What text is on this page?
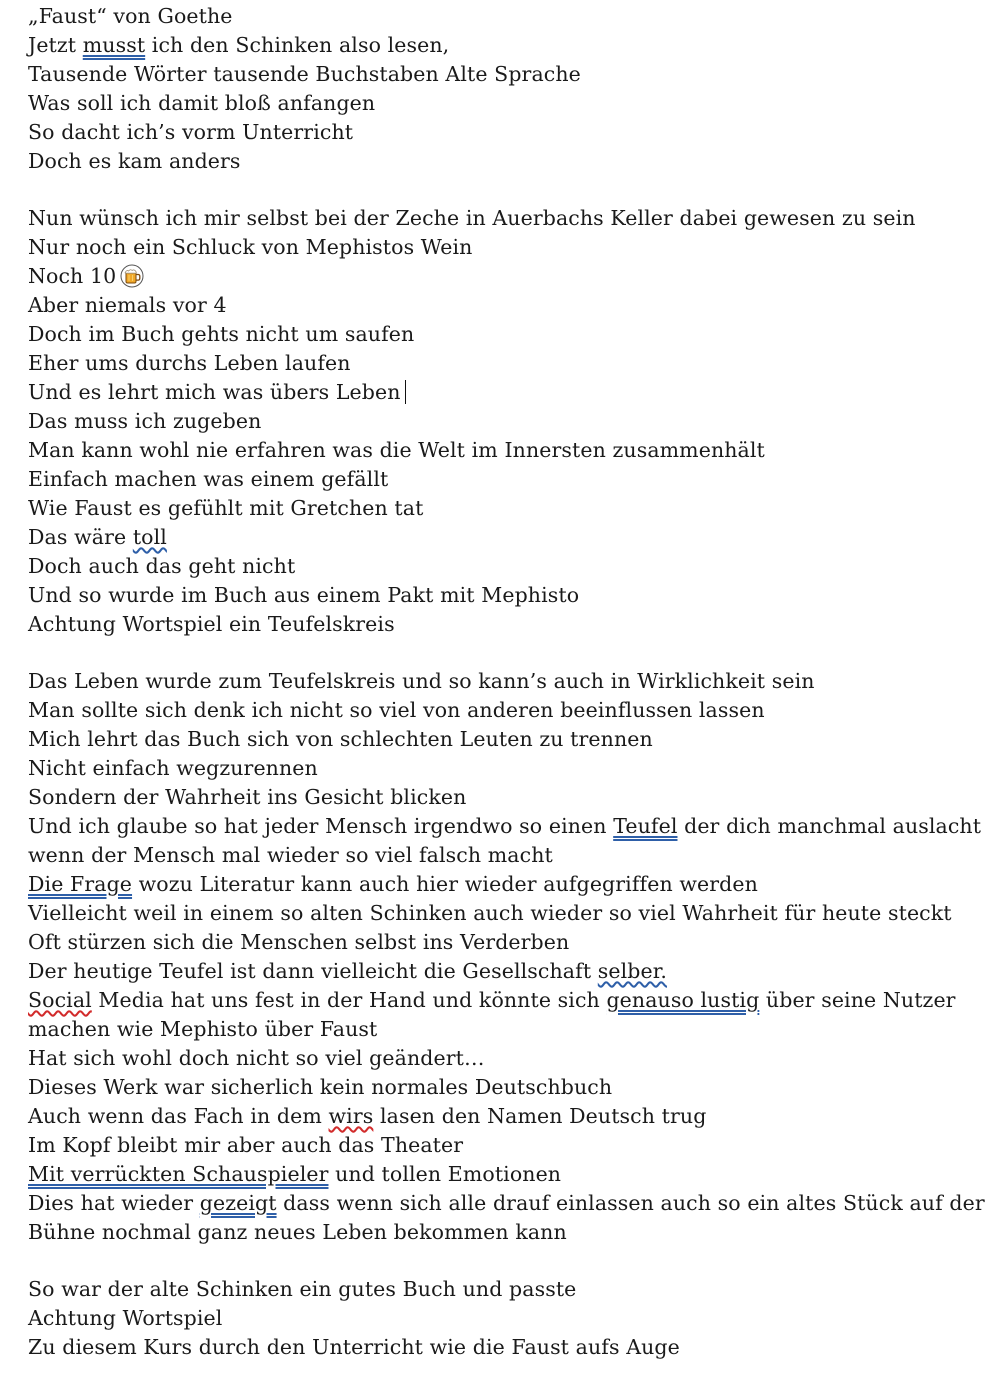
„Faust“ von Goethe
Jetzt musst ich den Schinken also lesen,
Tausende Wörter tausende Buchstaben Alte Sprache
Was soll ich damit bloß anfangen
So dacht ich’s vorm Unterricht
Doch es kam anders
Nun wünsch ich mir selbst bei der Zeche in Auerbachs Keller dabei gewesen zu sein
Nur noch ein Schluck von Mephistos Wein
Noch 10
Aber niemals vor 4
Doch im Buch gehts nicht um saufen
Eher ums durchs Leben laufen
Und es lehrt mich was übers Leben
Das muss ich zugeben
Man kann wohl nie erfahren was die Welt im Innersten zusammenhält
Einfach machen was einem gefällt
Wie Faust es gefühlt mit Gretchen tat
Das wäre toll
Doch auch das geht nicht
Und so wurde im Buch aus einem Pakt mit Mephisto
Achtung Wortspiel ein Teufelskreis
Das Leben wurde zum Teufelskreis und so kann’s auch in Wirklichkeit sein
Man sollte sich denk ich nicht so viel von anderen beeinflussen lassen
Mich lehrt das Buch sich von schlechten Leuten zu trennen
Nicht einfach wegzurennen
Sondern der Wahrheit ins Gesicht blicken
Und ich glaube so hat jeder Mensch irgendwo so einen Teufel der dich manchmal auslacht
wenn der Mensch mal wieder so viel falsch macht
Die Frage wozu Literatur kann auch hier wieder aufgegriffen werden
Vielleicht weil in einem so alten Schinken auch wieder so viel Wahrheit für heute steckt
Oft stürzen sich die Menschen selbst ins Verderben
Der heutige Teufel ist dann vielleicht die Gesellschaft selber.
Social Media hat uns fest in der Hand und könnte sich genauso lustig über seine Nutzer
machen wie Mephisto über Faust
Hat sich wohl doch nicht so viel geändert…
Dieses Werk war sicherlich kein normales Deutschbuch
Auch wenn das Fach in dem wirs lasen den Namen Deutsch trug
Im Kopf bleibt mir aber auch das Theater
Mit verrückten Schauspieler und tollen Emotionen
Dies hat wieder gezeigt dass wenn sich alle drauf einlassen auch so ein altes Stück auf der
Bühne nochmal ganz neues Leben bekommen kann
So war der alte Schinken ein gutes Buch und passte
Achtung Wortspiel
Zu diesem Kurs durch den Unterricht wie die Faust aufs Auge
